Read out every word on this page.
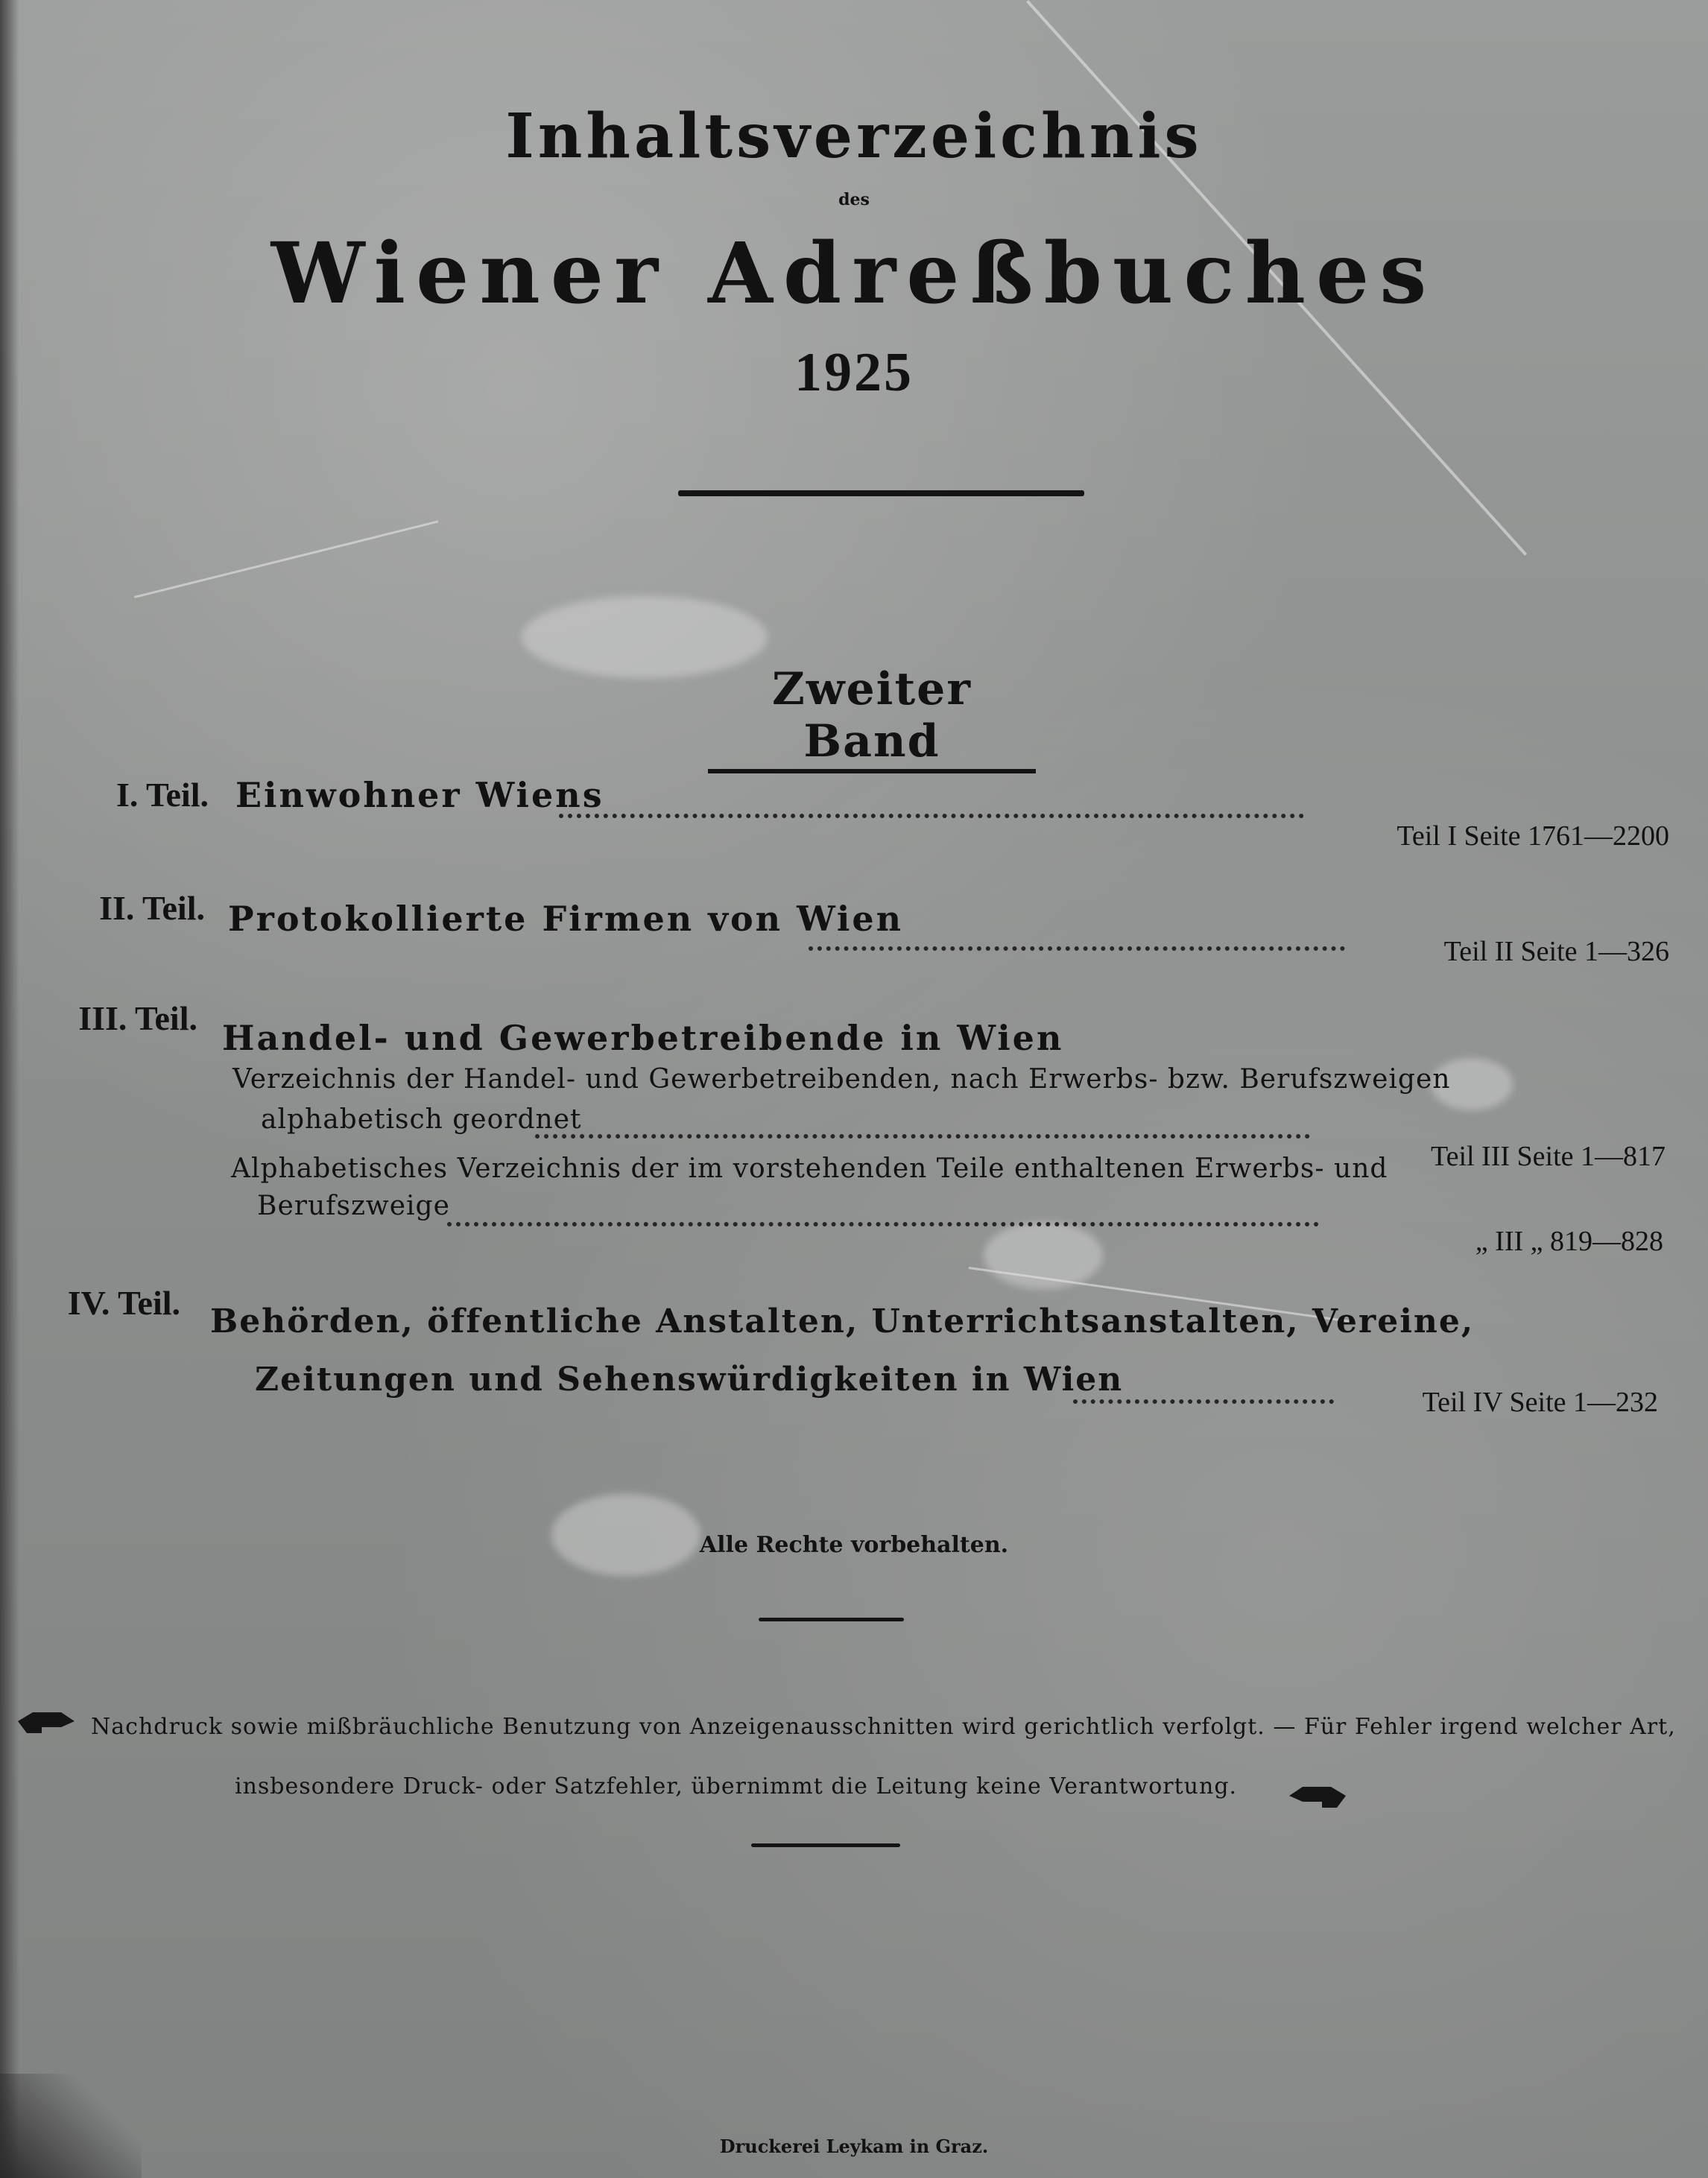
Inhaltsverzeichnis
des
Wiener Adreßbuches
1925
Zweiter Band
I. Teil. Einwohner Wiens
Teil I Seite 1761—2200
II. Teil. Protokollierte Firmen von Wien
Teil II Seite 1—326
III. Teil. Handel- und Gewerbetreibende in Wien
Verzeichnis der Handel- und Gewerbetreibenden, nach Erwerbs- bzw. Berufszweigen
alphabetisch geordnet
Teil III Seite 1—817
Alphabetisches Verzeichnis der im vorstehenden Teile enthaltenen Erwerbs- und
Berufszweige
„ III „ 819—828
IV. Teil. Behörden, öffentliche Anstalten, Unterrichtsanstalten, Vereine,
Zeitungen und Sehenswürdigkeiten in Wien
Teil IV Seite 1—232
Alle Rechte vorbehalten.
Nachdruck sowie mißbräuchliche Benutzung von Anzeigenausschnitten wird gerichtlich verfolgt. — Für Fehler irgend welcher Art,
insbesondere Druck- oder Satzfehler, übernimmt die Leitung keine Verantwortung.
Druckerei Leykam in Graz.
